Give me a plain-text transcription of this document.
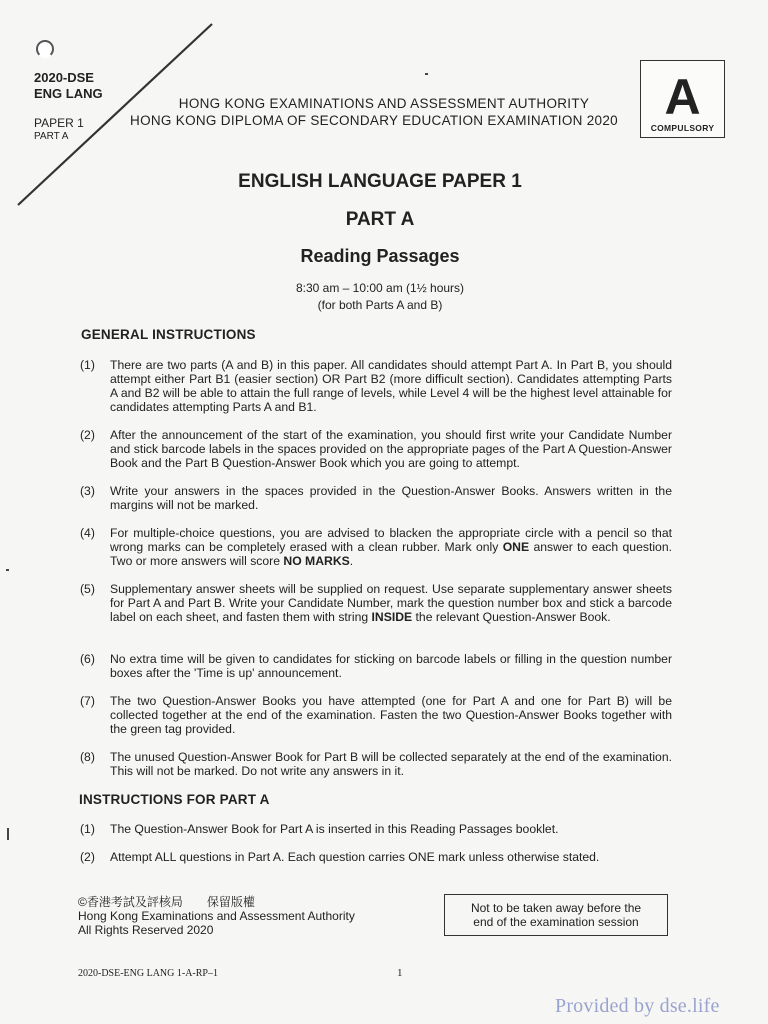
2020-DSE
ENG LANG
PAPER 1
PART A
HONG KONG EXAMINATIONS AND ASSESSMENT AUTHORITY
HONG KONG DIPLOMA OF SECONDARY EDUCATION EXAMINATION 2020 A
COMPULSORY
ENGLISH LANGUAGE PAPER 1
PART A
Reading Passages
8:30 am – 10:00 am (1½ hours)
(for both Parts A and B)
GENERAL INSTRUCTIONS
(1)	There are two parts (A and B) in this paper. All candidates should attempt Part A. In Part B, you should attempt either Part B1 (easier section) OR Part B2 (more difficult section). Candidates attempting Parts A and B2 will be able to attain the full range of levels, while Level 4 will be the highest level attainable for candidates attempting Parts A and B1.
(2)	After the announcement of the start of the examination, you should first write your Candidate Number and stick barcode labels in the spaces provided on the appropriate pages of the Part A Question-Answer Book and the Part B Question-Answer Book which you are going to attempt.
(3)	Write your answers in the spaces provided in the Question-Answer Books. Answers written in the margins will not be marked.
(4)	For multiple-choice questions, you are advised to blacken the appropriate circle with a pencil so that wrong marks can be completely erased with a clean rubber. Mark only ONE answer to each question. Two or more answers will score NO MARKS.
(5)	Supplementary answer sheets will be supplied on request. Use separate supplementary answer sheets for Part A and Part B. Write your Candidate Number, mark the question number box and stick a barcode label on each sheet, and fasten them with string INSIDE the relevant Question-Answer Book.
(6)	No extra time will be given to candidates for sticking on barcode labels or filling in the question number boxes after the 'Time is up' announcement.
(7)	The two Question-Answer Books you have attempted (one for Part A and one for Part B) will be collected together at the end of the examination. Fasten the two Question-Answer Books together with the green tag provided.
(8)	The unused Question-Answer Book for Part B will be collected separately at the end of the examination. This will not be marked. Do not write any answers in it.
INSTRUCTIONS FOR PART A
(1)	The Question-Answer Book for Part A is inserted in this Reading Passages booklet.
(2)	Attempt ALL questions in Part A. Each question carries ONE mark unless otherwise stated.
©香港考試及評核局　　保留版權
Hong Kong Examinations and Assessment Authority
All Rights Reserved 2020
Not to be taken away before the
end of the examination session
2020-DSE-ENG LANG 1-A-RP–1	1
Provided by dse.life
